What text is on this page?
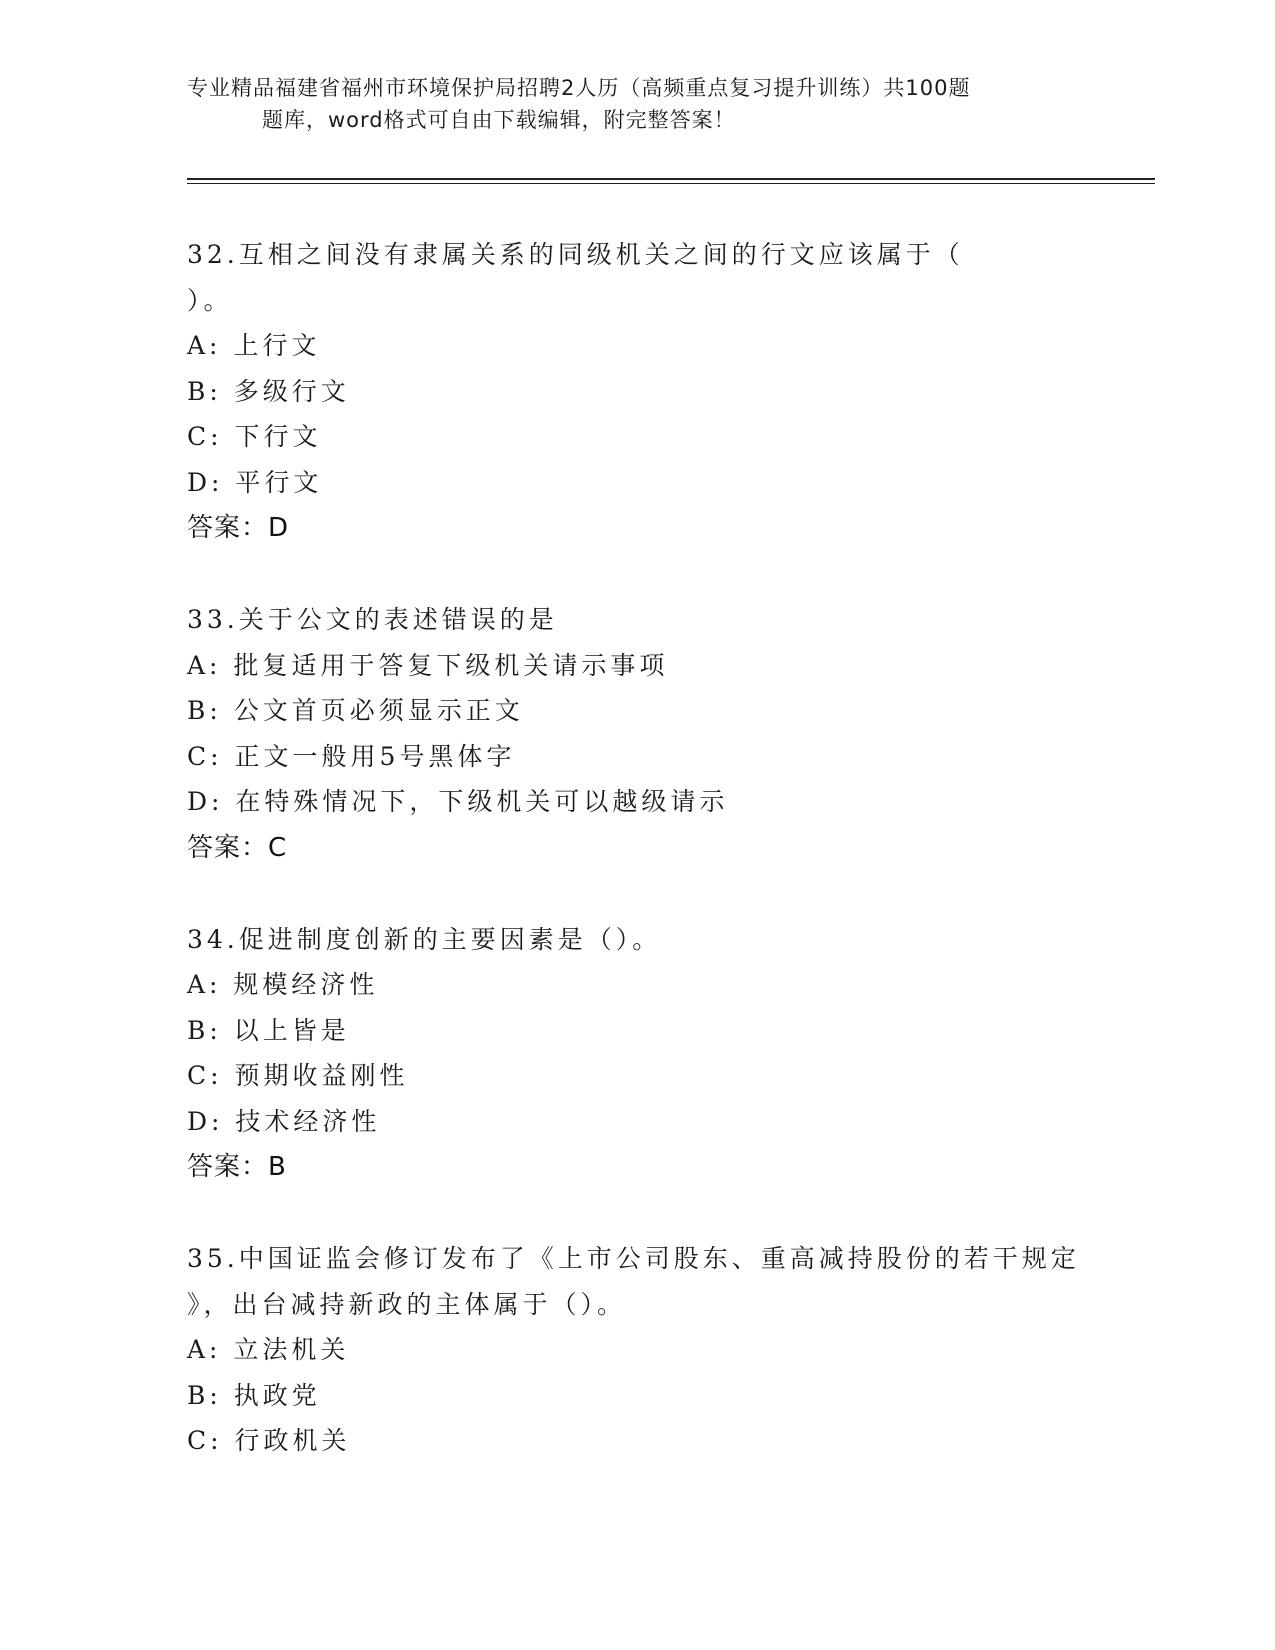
专业精品福建省福州市环境保护局招聘2人历（高频重点复习提升训练）共100题
题库，word格式可自由下载编辑，附完整答案！
32.互相之间没有隶属关系的同级机关之间的行文应该属于（
）。
A: 上行文
B: 多级行文
C: 下行文
D: 平行文
答案：D
33.关于公文的表述错误的是
A: 批复适用于答复下级机关请示事项
B: 公文首页必须显示正文
C: 正文一般用5号黑体字
D: 在特殊情况下，下级机关可以越级请示
答案：C
34.促进制度创新的主要因素是（）。
A: 规模经济性
B: 以上皆是
C: 预期收益刚性
D: 技术经济性
答案：B
35.中国证监会修订发布了《上市公司股东、重高减持股份的若干规定
》，出台减持新政的主体属于（）。
A: 立法机关
B: 执政党
C: 行政机关
